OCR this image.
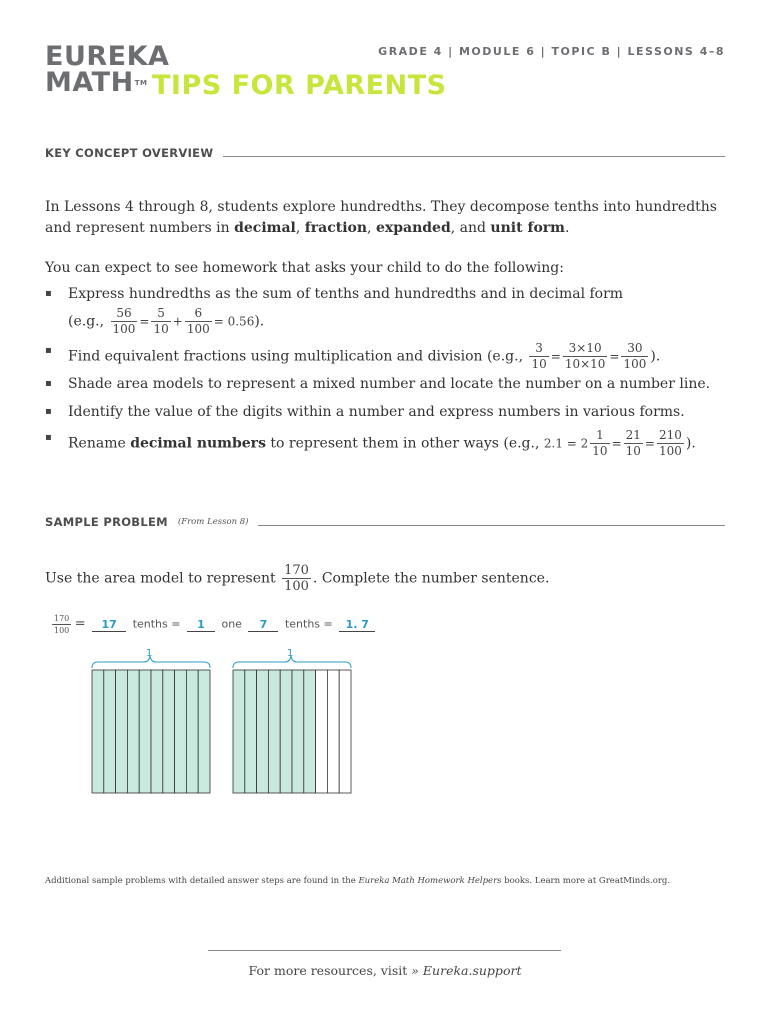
EUREKA
MATH™ TIPS FOR PARENTS
GRADE 4 | MODULE 6 | TOPIC B | LESSONS 4–8
KEY CONCEPT OVERVIEW
In Lessons 4 through 8, students explore hundredths. They decompose tenths into hundredths and represent numbers in decimal, fraction, expanded, and unit form.
You can expect to see homework that asks your child to do the following:
▪ Express hundredths as the sum of tenths and hundredths and in decimal form
(e.g., $\frac{56}{100} = \frac{5}{10} + \frac{6}{100} = 0.56$).
▪ Find equivalent fractions using multiplication and division (e.g., $\frac{3}{10} = \frac{3\times 10}{10\times 10} = \frac{30}{100}$ ).
▪ Shade area models to represent a mixed number and locate the number on a number line.
▪ Identify the value of the digits within a number and express numbers in various forms.
▪ Rename decimal numbers to represent them in other ways (e.g., $2.1 = 2 \frac{1}{10} = \frac{21}{10} = \frac{210}{100}$ ).
SAMPLE PROBLEM (From Lesson 8)
Use the area model to represent $\frac{170}{100}$ . Complete the number sentence.
$\frac{170}{100} = 17$ tenths = 1 one 7 tenths = 1. 7
1	1
Additional sample problems with detailed answer steps are found in the Eureka Math Homework Helpers books. Learn more at GreatMinds.org.
For more resources, visit » Eureka.support
